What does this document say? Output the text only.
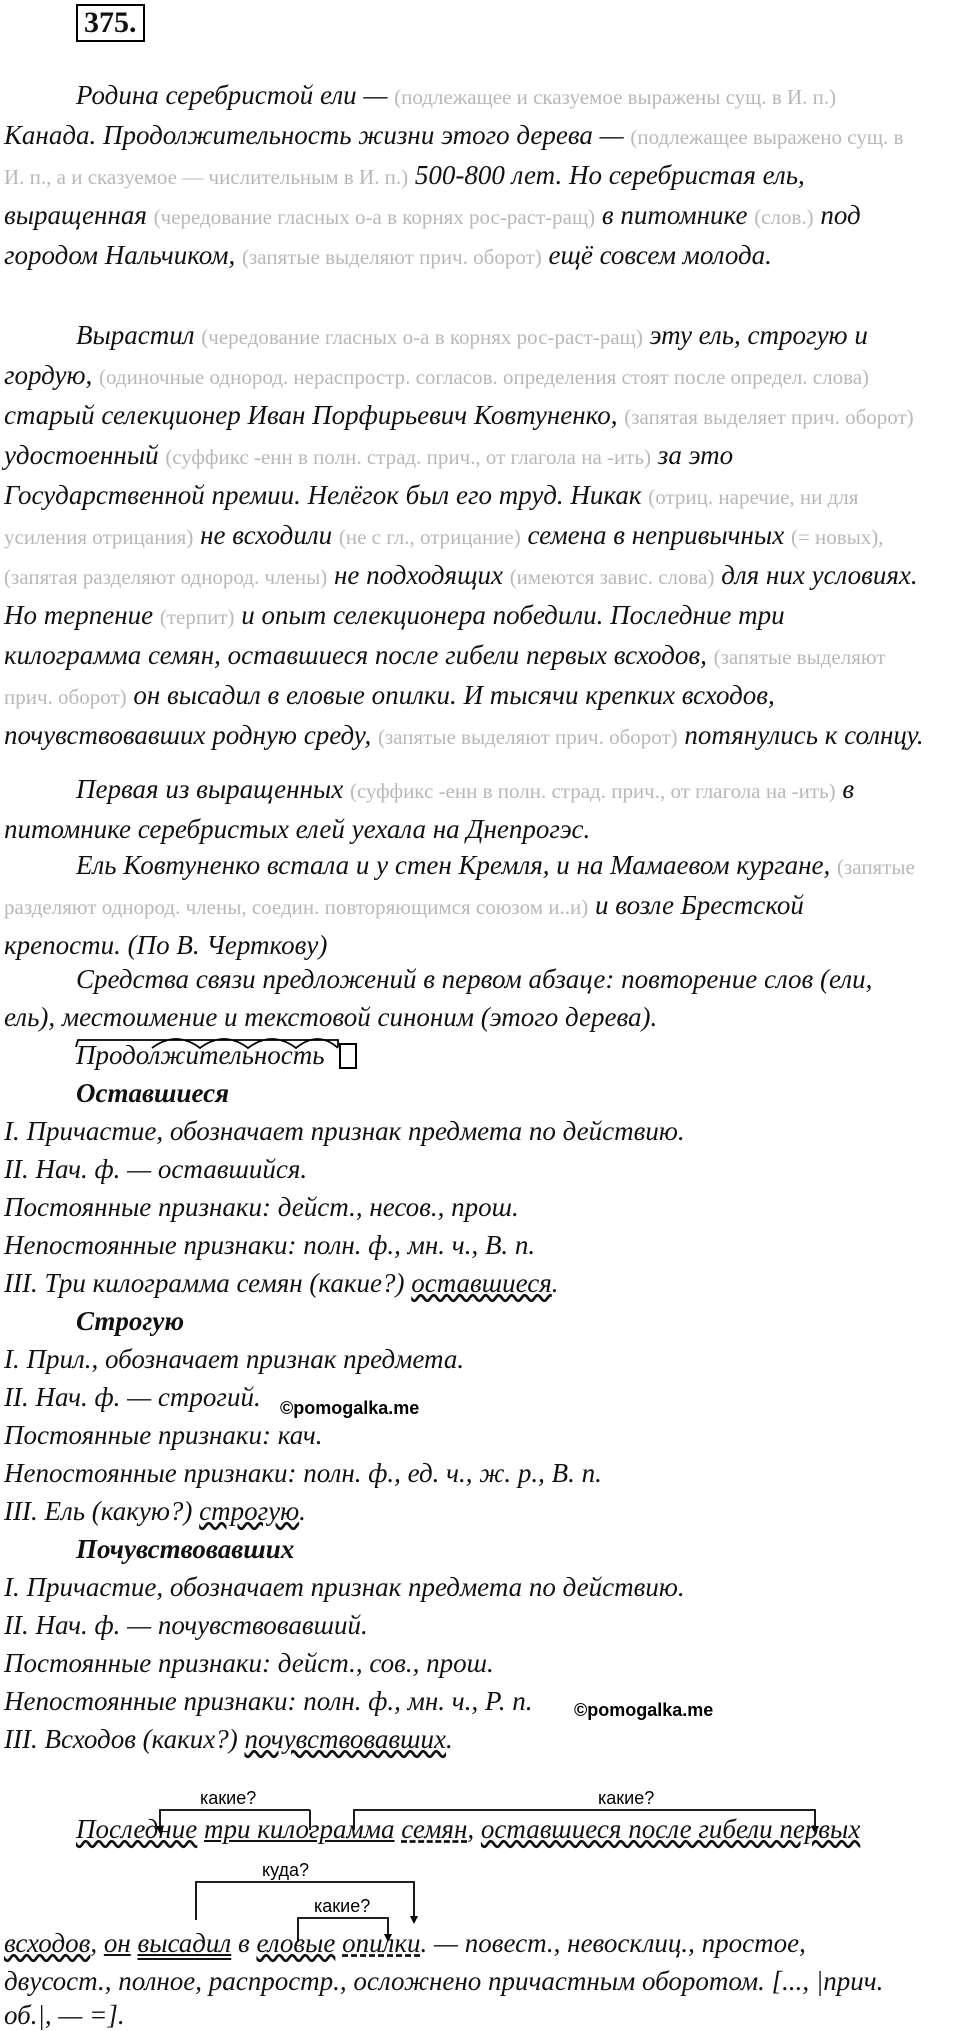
375.
Родина серебристой ели — (подлежащее и сказуемое выражены сущ. в И. п.) Канада. Продолжительность жизни этого дерева — (подлежащее выражено сущ. в И. п., а и сказуемое — числительным в И. п.) 500-800 лет. Но серебристая ель, выращенная (чередование гласных о-а в корнях рос-раст-ращ) в питомнике (слов.) под городом Нальчиком, (запятые выделяют прич. оборот) ещё совсем молода.
Вырастил (чередование гласных о-а в корнях рос-раст-ращ) эту ель, строгую и гордую, (одиночные однород. нераспростр. согласов. определения стоят после определ. слова) старый селекционер Иван Порфирьевич Ковтуненко, (запятая выделяет прич. оборот) удостоенный (суффикс -енн в полн. страд. прич., от глагола на -ить) за это Государственной премии. Нелёгок был его труд. Никак (отриц. наречие, ни для усиления отрицания) не всходили (не с гл., отрицание) семена в непривычных (= новых), (запятая разделяют однород. члены) не подходящих (имеются завис. слова) для них условиях. Но терпение (терпит) и опыт селекционера победили. Последние три килограмма семян, оставшиеся после гибели первых всходов, (запятые выделяют прич. оборот) он высадил в еловые опилки. И тысячи крепких всходов, почувствовавших родную среду, (запятые выделяют прич. оборот) потянулись к солнцу.
Первая из выращенных (суффикс -енн в полн. страд. прич., от глагола на -ить) в питомнике серебристых елей уехала на Днепрогэс.
Ель Ковтуненко встала и у стен Кремля, и на Мамаевом кургане, (запятые разделяют однород. члены, соедин. повторяющимся союзом и..и) и возле Брестской крепости. (По В. Черткову)
Средства связи предложений в первом абзаце: повторение слов (ели, ель), местоимение и текстовой синоним (этого дерева).
Продолжительность
Оставшиеся
I. Причастие, обозначает признак предмета по действию.
II. Нач. ф. — оставшийся.
Постоянные признаки: дейст., несов., прош.
Непостоянные признаки: полн. ф., мн. ч., В. п.
III. Три килограмма семян (какие?) оставшиеся.
Строгую
I. Прил., обозначает признак предмета.
II. Нач. ф. — строгий.
Постоянные признаки: кач.
Непостоянные признаки: полн. ф., ед. ч., ж. р., В. п.
III. Ель (какую?) строгую.
©pomogalka.me
Почувствовавших
I. Причастие, обозначает признак предмета по действию.
II. Нач. ф. — почувствовавший.
Постоянные признаки: дейст., сов., прош.
Непостоянные признаки: полн. ф., мн. ч., Р. п.
III. Всходов (каких?) почувствовавших.
©pomogalka.me
какие?	какие?
куда?
какие?
Последние три килограмма семян, оставшиеся после гибели первых
всходов, он высадил в еловые опилки. — повест., невосклиц., простое,
двусост., полное, распростр., осложнено причастным оборотом. [..., |прич.
об.|, — =].
